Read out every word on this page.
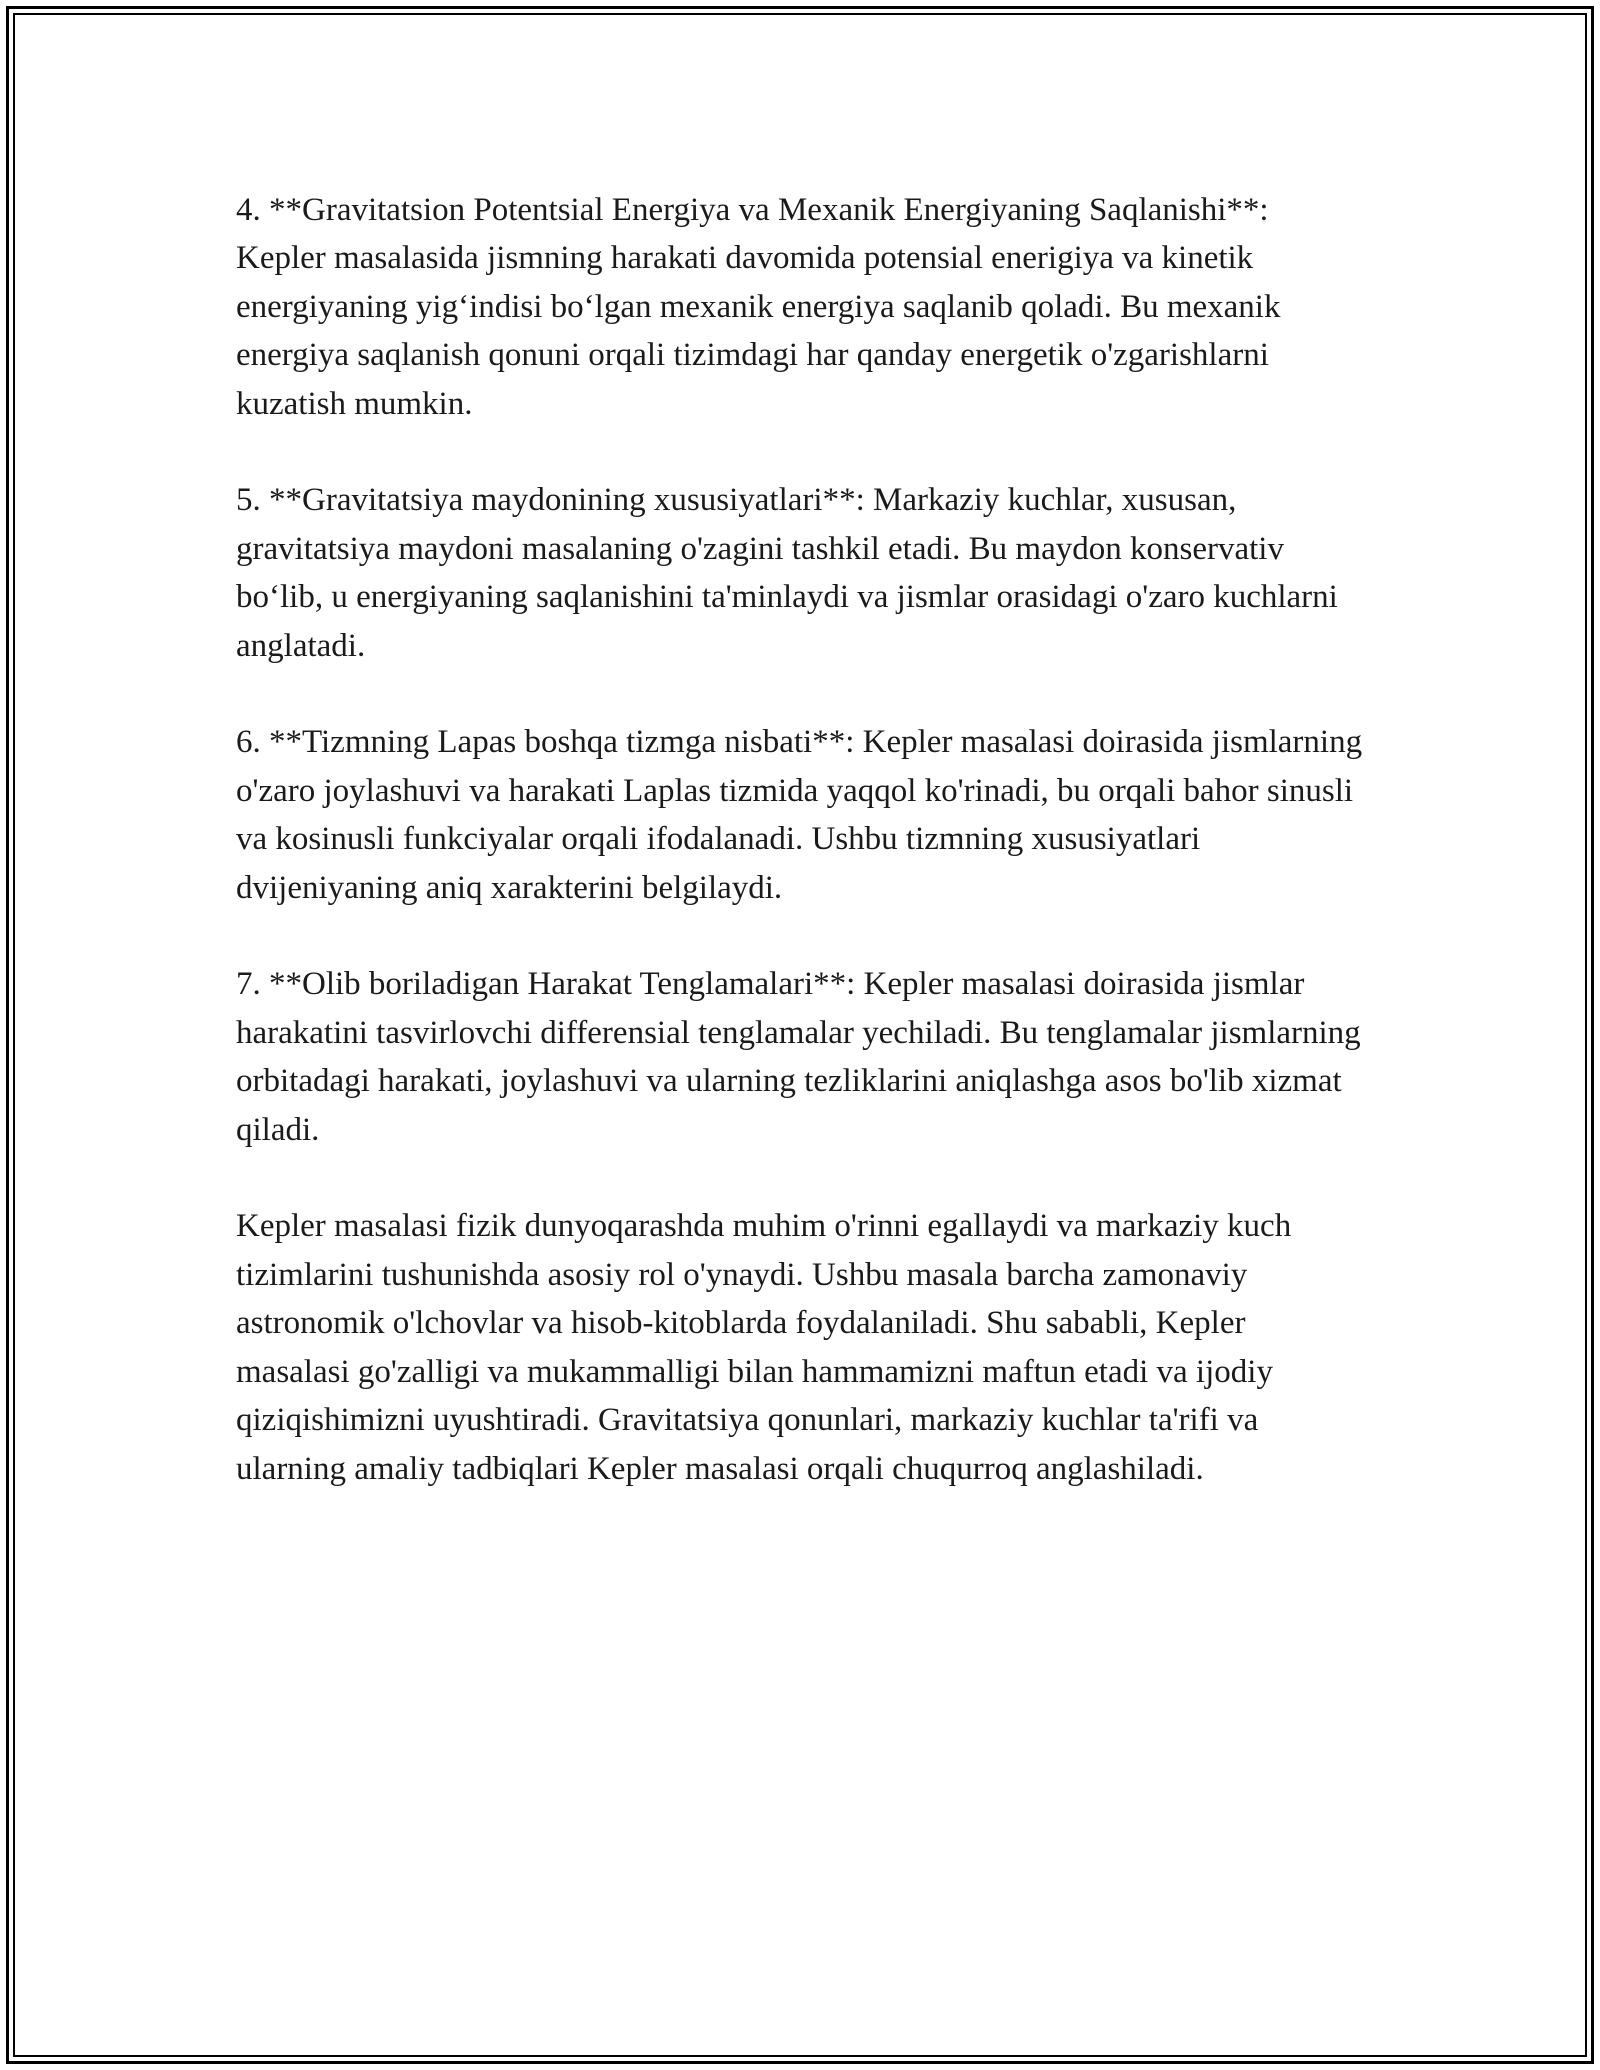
4. **Gravitatsion Potentsial Energiya va Mexanik Energiyaning Saqlanishi**: Kepler masalasida jismning harakati davomida potensial enerigiya va kinetik energiyaning yig‘indisi bo‘lgan mexanik energiya saqlanib qoladi. Bu mexanik energiya saqlanish qonuni orqali tizimdagi har qanday energetik o'zgarishlarni kuzatish mumkin.

5. **Gravitatsiya maydonining xususiyatlari**: Markaziy kuchlar, xususan, gravitatsiya maydoni masalaning o'zagini tashkil etadi. Bu maydon konservativ bo‘lib, u energiyaning saqlanishini ta'minlaydi va jismlar orasidagi o'zaro kuchlarni anglatadi.

6. **Tizmning Lapas boshqa tizmga nisbati**: Kepler masalasi doirasida jismlarning o'zaro joylashuvi va harakati Laplas tizmida yaqqol ko'rinadi, bu orqali bahor sinusli va kosinusli funkciyalar orqali ifodalanadi. Ushbu tizmning xususiyatlari dvijeniyaning aniq xarakterini belgilaydi.

7. **Olib boriladigan Harakat Tenglamalari**: Kepler masalasi doirasida jismlar harakatini tasvirlovchi differensial tenglamalar yechiladi. Bu tenglamalar jismlarning orbitadagi harakati, joylashuvi va ularning tezliklarini aniqlashga asos bo'lib xizmat qiladi.

Kepler masalasi fizik dunyoqarashda muhim o'rinni egallaydi va markaziy kuch tizimlarini tushunishda asosiy rol o'ynaydi. Ushbu masala barcha zamonaviy astronomik o'lchovlar va hisob-kitoblarda foydalaniladi. Shu sababli, Kepler masalasi go'zalligi va mukammalligi bilan hammamizni maftun etadi va ijodiy qiziqishimizni uyushtiradi. Gravitatsiya qonunlari, markaziy kuchlar ta'rifi va ularning amaliy tadbiqlari Kepler masalasi orqali chuqurroq anglashiladi.
